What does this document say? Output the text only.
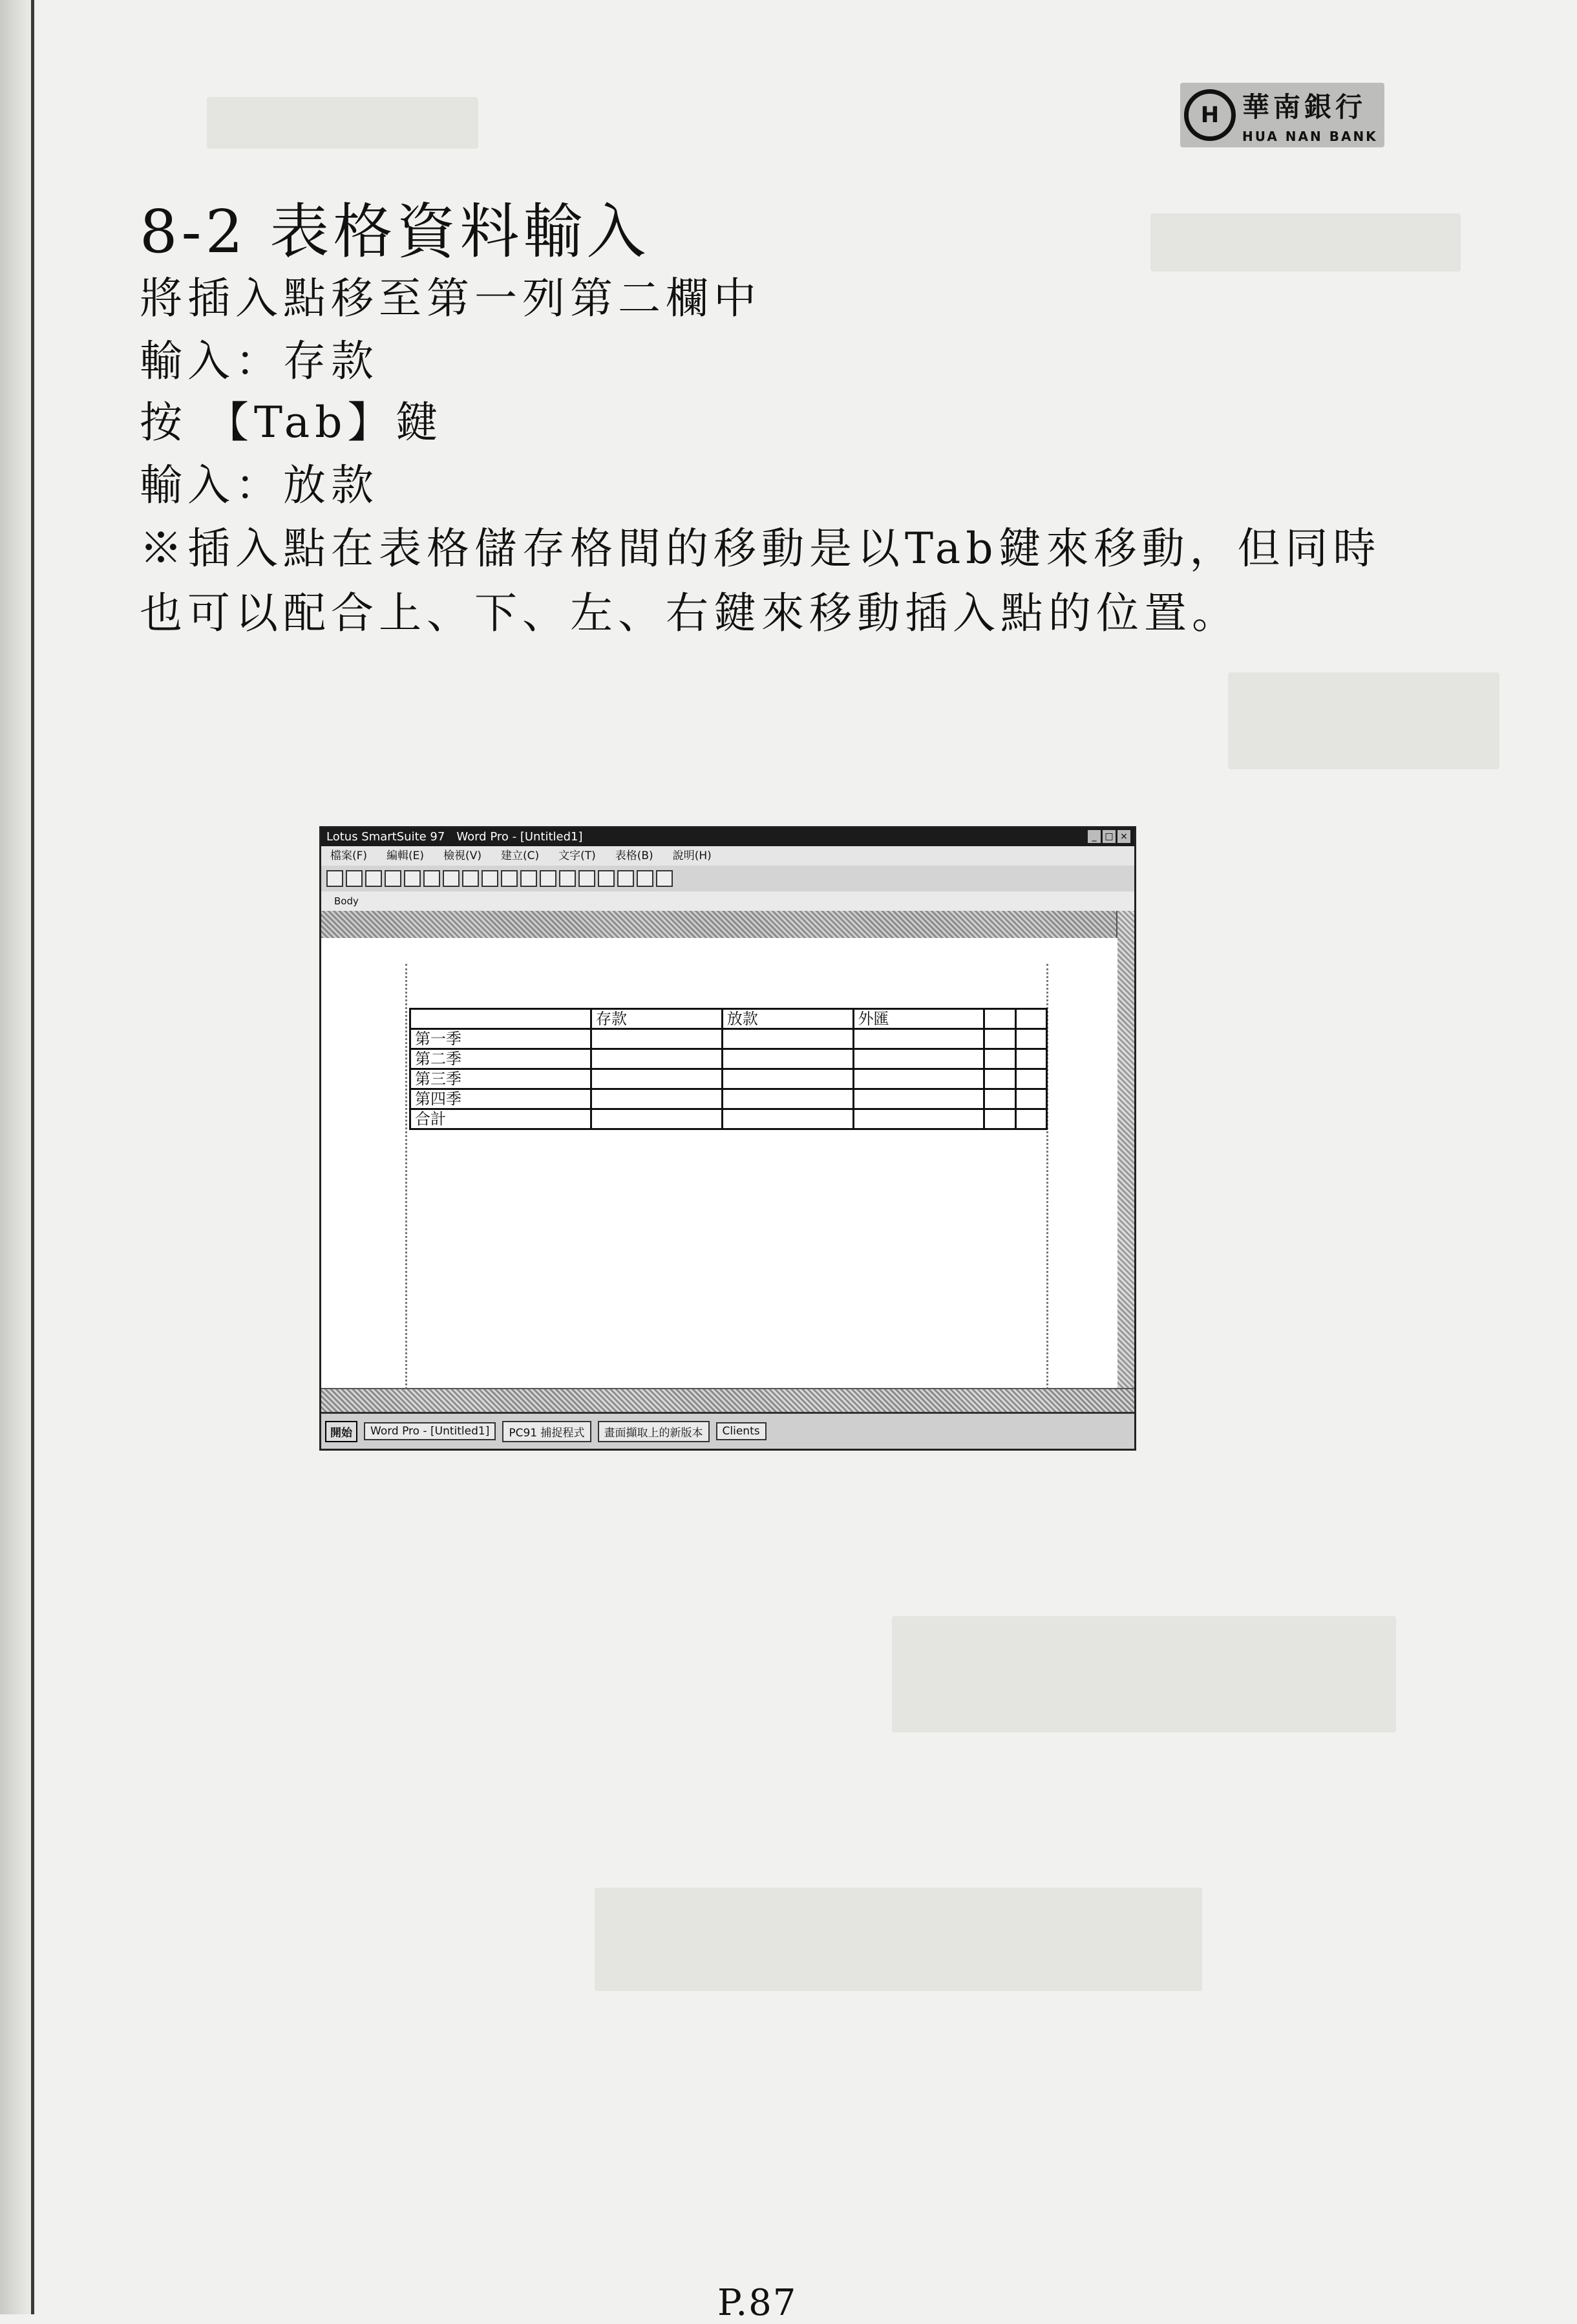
H 華南銀行
HUA NAN BANK
8-2 表格資料輸入
將插入點移至第一列第二欄中
輸入：存款
按 【Tab】鍵
輸入：放款
※插入點在表格儲存格間的移動是以Tab鍵來移動，但同時
也可以配合上、下、左、右鍵來移動插入點的位置。
Lotus SmartSuite 97 Word Pro - [Untitled1]	_ □ ×
檔案(F) 編輯(E) 檢視(V) 建立(C) 文字(T) 表格(B) 說明(H)
Body
	存款	放款	外匯		
第一季					
第二季					
第三季					
第四季					
合計					
開始	Word Pro - [Untitled1]	PC91 捕捉程式	畫面擷取上的新版本	Clients
P.87
